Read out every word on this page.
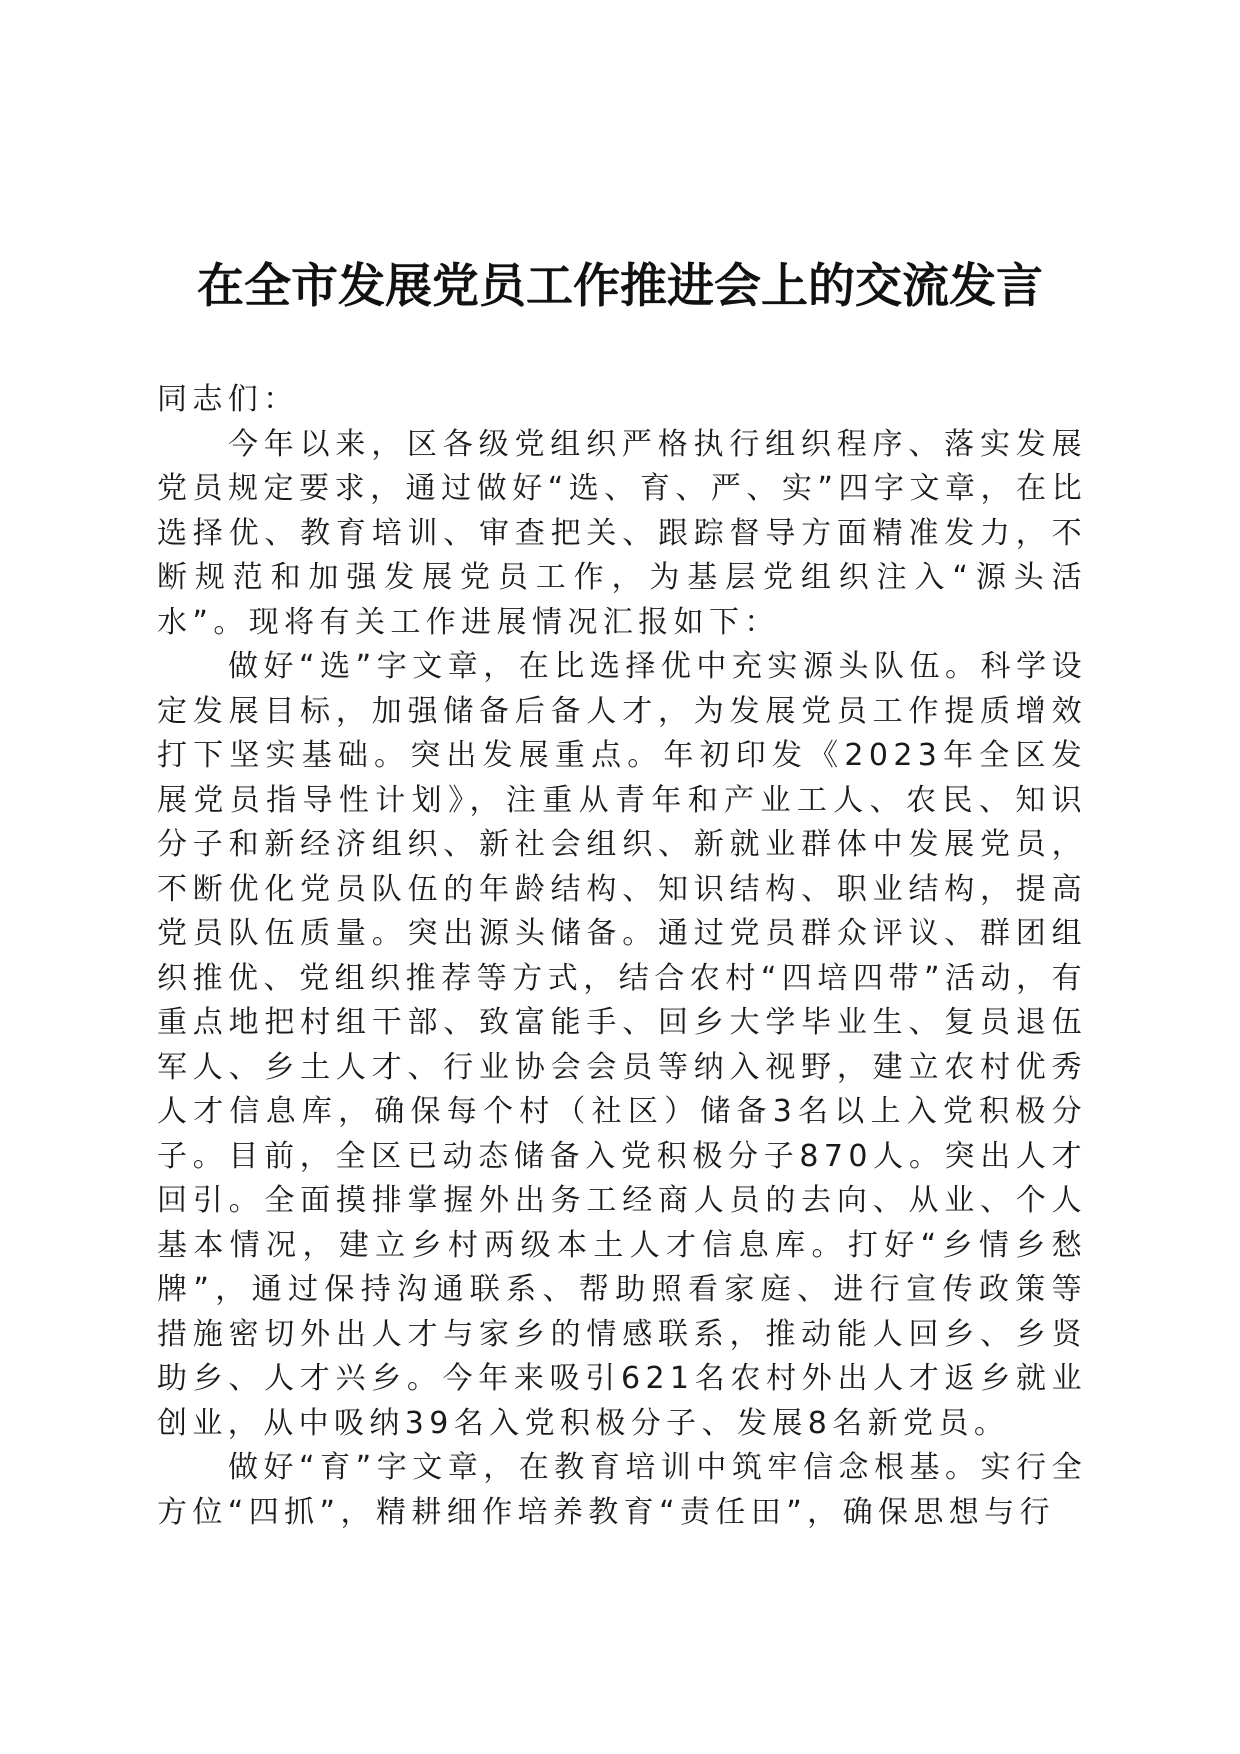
在全市发展党员工作推进会上的交流发言

同志们：

今年以来，区各级党组织严格执行组织程序、落实发展党员规定要求，通过做好“选、育、严、实”四字文章，在比选择优、教育培训、审查把关、跟踪督导方面精准发力，不断规范和加强发展党员工作，为基层党组织注入“源头活水”。现将有关工作进展情况汇报如下：

做好“选”字文章，在比选择优中充实源头队伍。科学设定发展目标，加强储备后备人才，为发展党员工作提质增效打下坚实基础。突出发展重点。年初印发《2023年全区发展党员指导性计划》，注重从青年和产业工人、农民、知识分子和新经济组织、新社会组织、新就业群体中发展党员，不断优化党员队伍的年龄结构、知识结构、职业结构，提高党员队伍质量。突出源头储备。通过党员群众评议、群团组织推优、党组织推荐等方式，结合农村“四培四带”活动，有重点地把村组干部、致富能手、回乡大学毕业生、复员退伍军人、乡土人才、行业协会会员等纳入视野，建立农村优秀人才信息库，确保每个村（社区）储备3名以上入党积极分子。目前，全区已动态储备入党积极分子870人。突出人才回引。全面摸排掌握外出务工经商人员的去向、从业、个人基本情况，建立乡村两级本土人才信息库。打好“乡情乡愁牌”，通过保持沟通联系、帮助照看家庭、进行宣传政策等措施密切外出人才与家乡的情感联系，推动能人回乡、乡贤助乡、人才兴乡。今年来吸引621名农村外出人才返乡就业创业，从中吸纳39名入党积极分子、发展8名新党员。

做好“育”字文章，在教育培训中筑牢信念根基。实行全方位“四抓”，精耕细作培养教育“责任田”，确保思想与行
